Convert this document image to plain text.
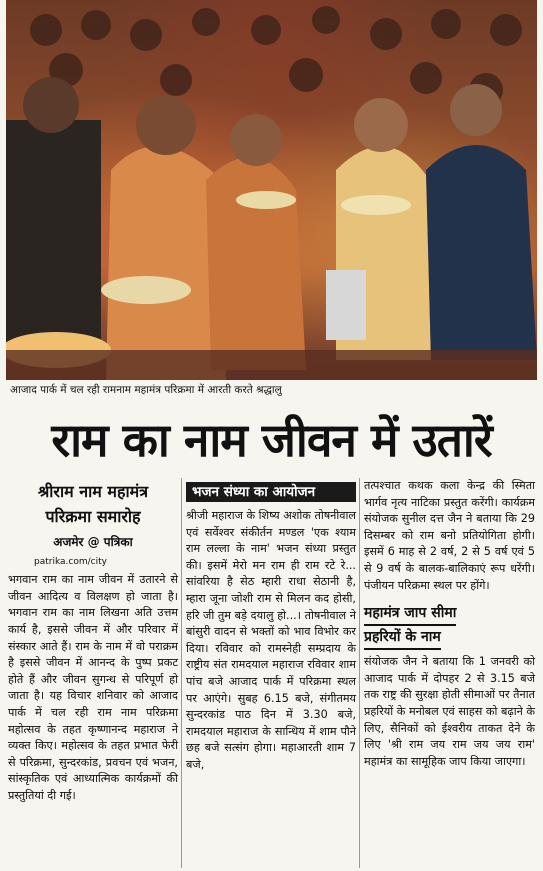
आजाद पार्क में चल रही रामनाम महामंत्र परिक्रमा में आरती करते श्रद्धालु
राम का नाम जीवन में उतारें
श्रीराम नाम महामंत्र
परिक्रमा समारोह
अजमेर @ पत्रिका
patrika.com/city

भगवान राम का नाम जीवन में उतारने से जीवन आदित्य व विलक्षण हो जाता है। भगवान राम का नाम लिखना अति उत्तम कार्य है, इससे जीवन में और परिवार में संस्कार आते हैं। राम के नाम में वो पराक्रम है इससे जीवन में आनन्द के पुष्प प्रकट होते हैं और जीवन सुगन्ध से परिपूर्ण हो जाता है। यह विचार शनिवार को आजाद पार्क में चल रही राम नाम परिक्रमा महोत्सव के तहत कृष्णानन्द महाराज ने व्यक्त किए। महोत्सव के तहत प्रभात फेरी से परिक्रमा, सुन्दरकांड, प्रवचन एवं भजन, सांस्कृतिक एवं आध्यात्मिक कार्यक्रमों की प्रस्तुतियां दी गई।

भजन संध्या का आयोजन

श्रीजी महाराज के शिष्य अशोक तोषनीवाल एवं सर्वेश्वर संकीर्तन मण्डल 'एक श्याम राम लल्ला के नाम' भजन संध्या प्रस्तुत की। इसमें मेरो मन राम ही राम रटे रे... सांवरिया है सेठ म्हारी राधा सेठानी है, म्हारा जूना जोशी राम से मिलन कद होसी, हरि जी तुम बड़े दयालु हो...। तोषनीवाल ने बांसुरी वादन से भक्तों को भाव विभोर कर दिया। रविवार को रामस्नेही सम्प्रदाय के राष्ट्रीय संत रामदयाल महाराज रविवार शाम पांच बजे आजाद पार्क में परिक्रमा स्थल पर आएंगे। सुबह 6.15 बजे, संगीतमय सुन्दरकांड पाठ दिन में 3.30 बजे, रामदयाल महाराज के सान्धिय में शाम पौने छह बजे सत्संग होगा। महाआरती शाम 7 बजे,

तत्पश्चात कथक कला केन्द्र की स्मिता भार्गव नृत्य नाटिका प्रस्तुत करेंगी। कार्यक्रम संयोजक सुनील दत्त जैन ने बताया कि 29 दिसम्बर को राम बनो प्रतियोगिता होगी। इसमें 6 माह से 2 वर्ष, 2 से 5 वर्ष एवं 5 से 9 वर्ष के बालक-बालिकाएं रूप धरेंगी। पंजीयन परिक्रमा स्थल पर होंगे।

महामंत्र जाप सीमा
प्रहरियों के नाम

संयोजक जैन ने बताया कि 1 जनवरी को आजाद पार्क में दोपहर 2 से 3.15 बजे तक राष्ट्र की सुरक्षा होती सीमाओं पर तैनात प्रहरियों के मनोबल एवं साहस को बढ़ाने के लिए, सैनिकों को ईश्वरीय ताकत देने के लिए 'श्री राम जय राम जय जय राम' महामंत्र का सामूहिक जाप किया जाएगा।
